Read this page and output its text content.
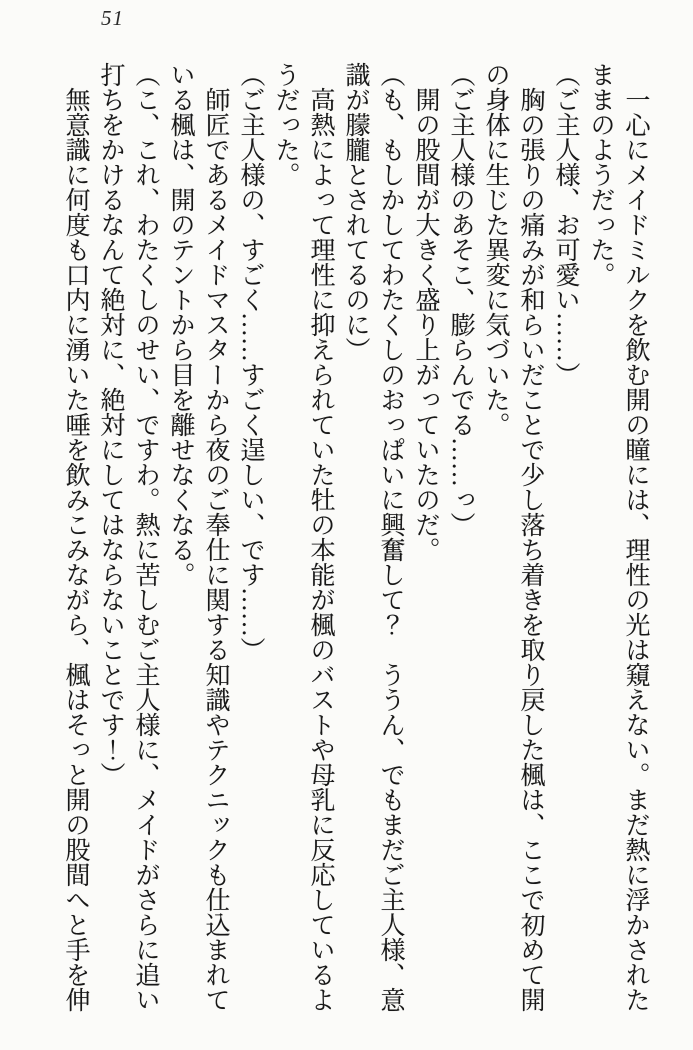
51
　一心にメイドミルクを飲む開の瞳には、理性の光は窺えない。まだ熱に浮かされた
ままのようだった。
（ご主人様、お可愛い……）
　胸の張りの痛みが和らいだことで少し落ち着きを取り戻した楓は、ここで初めて開
の身体に生じた異変に気づいた。
（ご主人様のあそこ、膨らんでる……っ）
　開の股間が大きく盛り上がっていたのだ。
（も、もしかしてわたくしのおっぱいに興奮して？　ううん、でもまだご主人様、意
識が朦朧とされてるのに）
　高熱によって理性に抑えられていた牡の本能が楓のバストや母乳に反応しているよ
うだった。
（ご主人様の、すごく……すごく逞しい、です……）
　師匠であるメイドマスターから夜のご奉仕に関する知識やテクニックも仕込まれて
いる楓は、開のテントから目を離せなくなる。
（こ、これ、わたくしのせい、ですわ。熱に苦しむご主人様に、メイドがさらに追い
打ちをかけるなんて絶対に、絶対にしてはならないことです！）
　無意識に何度も口内に湧いた唾を飲みこみながら、楓はそっと開の股間へと手を伸
